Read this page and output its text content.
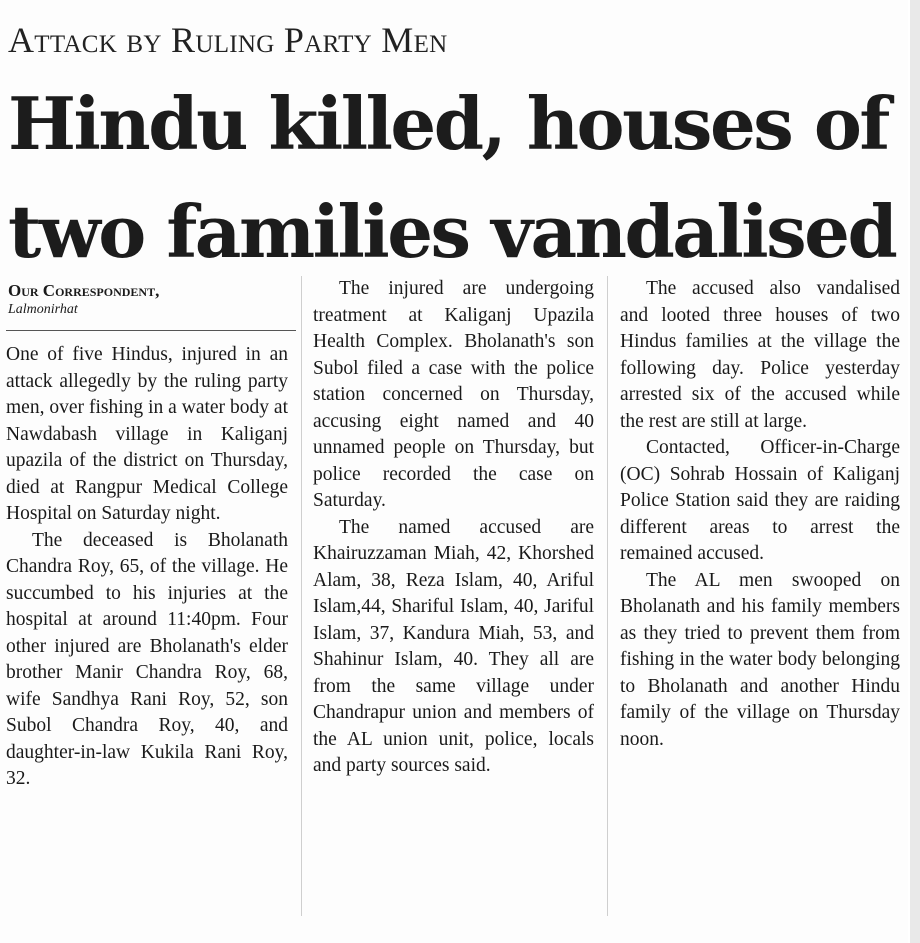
Attack by Ruling Party Men
Hindu killed, houses of
two families vandalised
Our Correspondent,
Lalmonirhat

One of five Hindus, injured in an attack allegedly by the ruling party men, over fishing in a water body at Nawdabash village in Kaliganj upazila of the district on Thursday, died at Rangpur Medical College Hospital on Saturday night.

The deceased is Bholanath Chandra Roy, 65, of the village. He succumbed to his injuries at the hospital at around 11:40pm. Four other injured are Bholanath's elder brother Manir Chandra Roy, 68, wife Sandhya Rani Roy, 52, son Subol Chandra Roy, 40, and daughter-in-law Kukila Rani Roy, 32.

The injured are undergoing treatment at Kaliganj Upazila Health Complex. Bholanath's son Subol filed a case with the police station concerned on Thursday, accusing eight named and 40 unnamed people on Thursday, but police recorded the case on Saturday.

The named accused are Khairuzzaman Miah, 42, Khorshed Alam, 38, Reza Islam, 40, Ariful Islam,44, Shariful Islam, 40, Jariful Islam, 37, Kandura Miah, 53, and Shahinur Islam, 40. They all are from the same village under Chandrapur union and members of the AL union unit, police, locals and party sources said.

The accused also vandalised and looted three houses of two Hindus families at the village the following day. Police yesterday arrested six of the accused while the rest are still at large.

Contacted, Officer-in-Charge (OC) Sohrab Hossain of Kaliganj Police Station said they are raiding different areas to arrest the remained accused.

The AL men swooped on Bholanath and his family members as they tried to prevent them from fishing in the water body belonging to Bholanath and another Hindu family of the village on Thursday noon.
